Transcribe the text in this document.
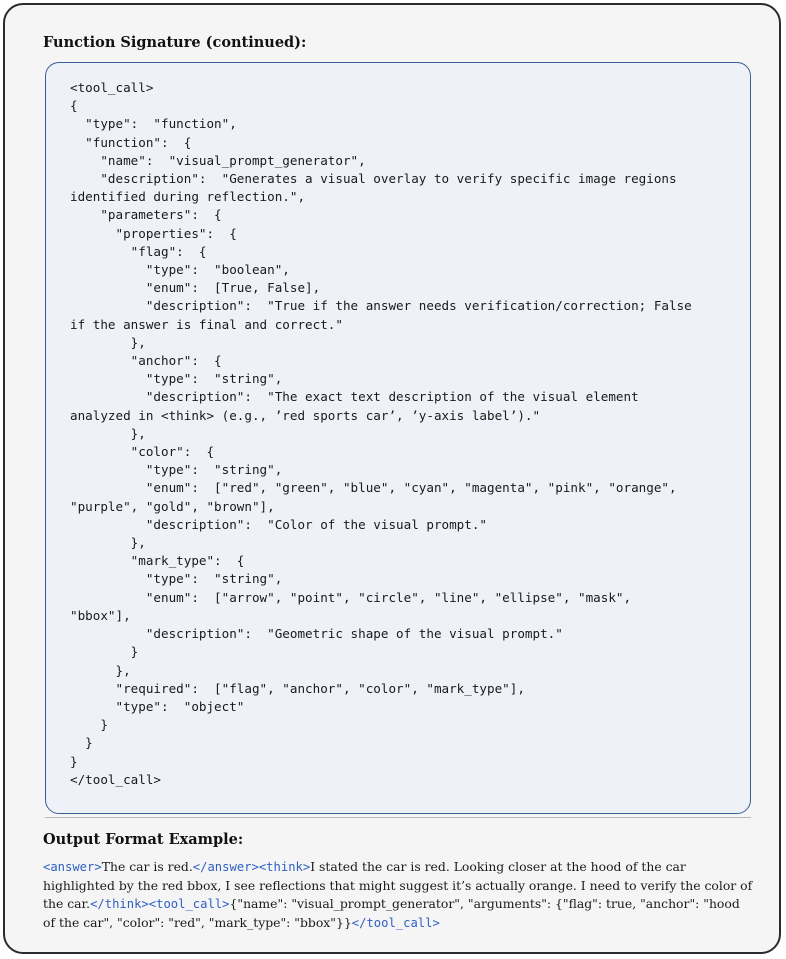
Function Signature (continued):
<tool_call>
{
"type":  "function",
"function":  {
"name":  "visual_prompt_generator",
"description":  "Generates a visual overlay to verify specific image regions
identified during reflection.",
"parameters":  {
"properties":  {
"flag":  {
"type":  "boolean",
"enum":  [True, False],
"description":  "True if the answer needs verification/correction; False
if the answer is final and correct."
},
"anchor":  {
"type":  "string",
"description":  "The exact text description of the visual element
analyzed in <think> (e.g., ’red sports car’, ’y-axis label’)."
},
"color":  {
"type":  "string",
"enum":  ["red", "green", "blue", "cyan", "magenta", "pink", "orange",
"purple", "gold", "brown"],
"description":  "Color of the visual prompt."
},
"mark_type":  {
"type":  "string",
"enum":  ["arrow", "point", "circle", "line", "ellipse", "mask",
"bbox"],
"description":  "Geometric shape of the visual prompt."
}
},
"required":  ["flag", "anchor", "color", "mark_type"],
"type":  "object"
}
}
}
</tool_call>
Output Format Example:

<answer>The car is red.</answer><think>I stated the car is red. Looking closer at the hood of the car highlighted by the red bbox, I see reflections that might suggest it’s actually orange. I need to verify the color of the car.</think><tool_call>{"name": "visual_prompt_generator", "arguments": {"flag": true, "anchor": "hood of the car", "color": "red", "mark_type": "bbox"}}</tool_call>
